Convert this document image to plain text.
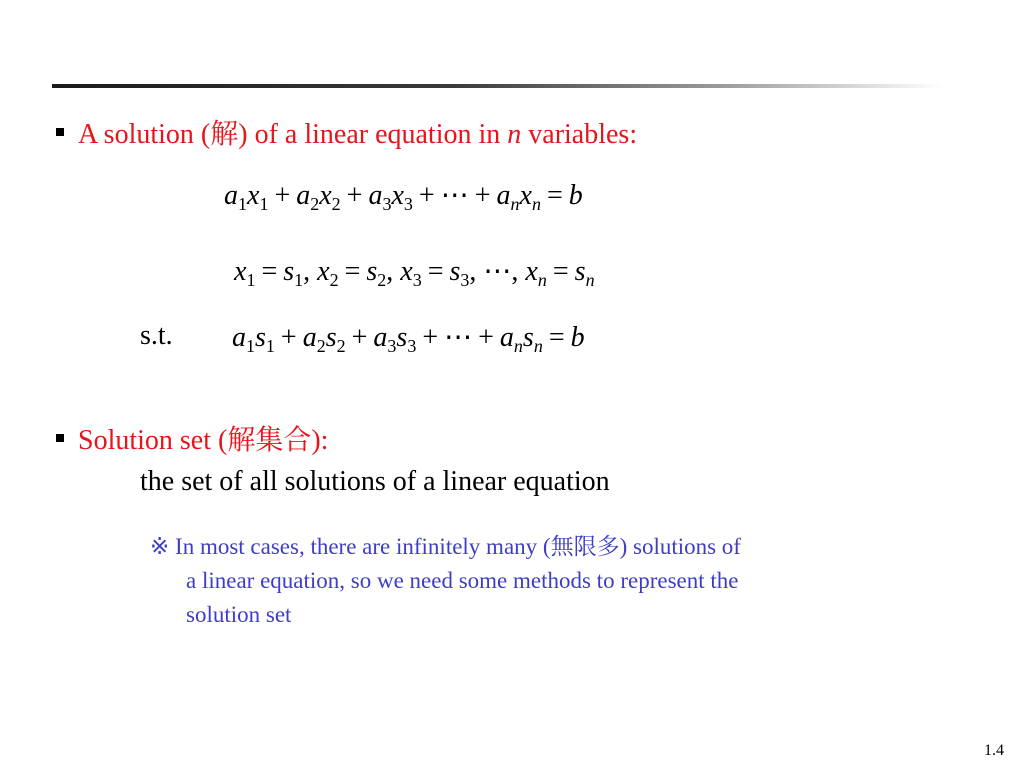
A solution (解) of a linear equation in n variables:
$a_1x_1 + a_2x_2 + a_3x_3$ + ⋯ + $a_nx_n = b$
$x_1 = s_1$, $x_2 = s_2$, $x_3 = s_3$, ⋯, $x_n = s_n$
s.t. $a_1s_1 + a_2s_2 + a_3s_3$ + ⋯ + $a_ns_n = b$
Solution set (解集合):
the set of all solutions of a linear equation
※ In most cases, there are infinitely many (無限多) solutions of
a linear equation, so we need some methods to represent the
solution set
1.4
